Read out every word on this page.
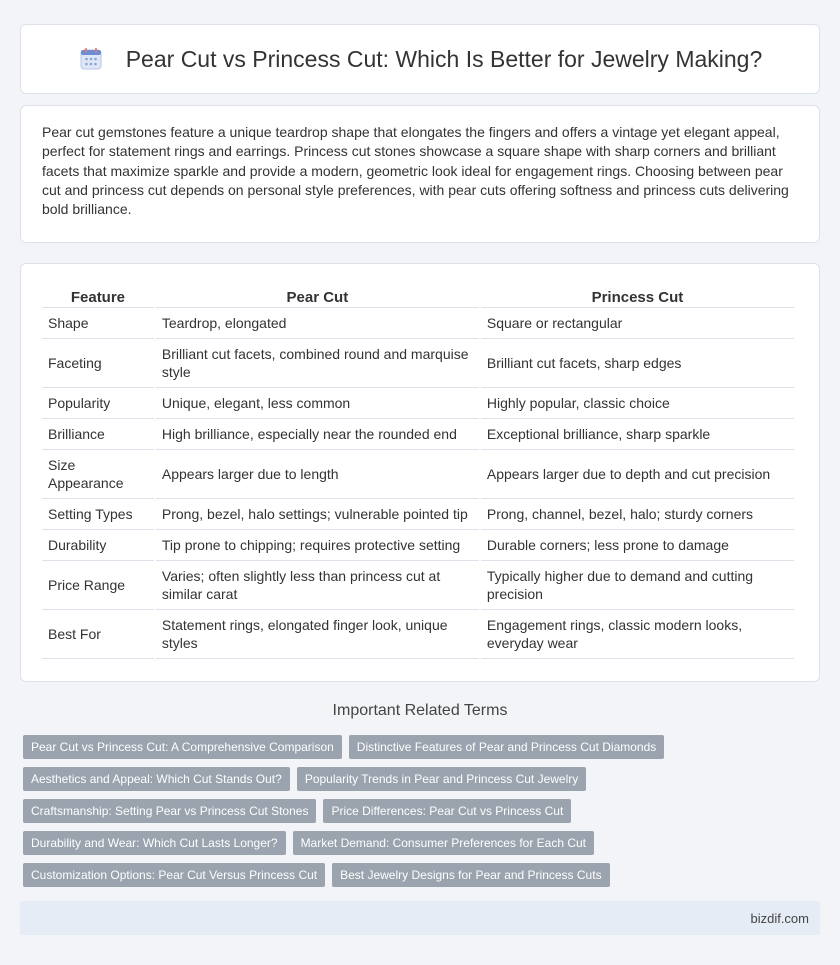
Pear Cut vs Princess Cut: Which Is Better for Jewelry Making?

Pear cut gemstones feature a unique teardrop shape that elongates the fingers and offers a vintage yet elegant appeal, perfect for statement rings and earrings. Princess cut stones showcase a square shape with sharp corners and brilliant facets that maximize sparkle and provide a modern, geometric look ideal for engagement rings. Choosing between pear cut and princess cut depends on personal style preferences, with pear cuts offering softness and princess cuts delivering bold brilliance.

Feature	Pear Cut	Princess Cut
Shape	Teardrop, elongated	Square or rectangular
Faceting	Brilliant cut facets, combined round and marquise style	Brilliant cut facets, sharp edges
Popularity	Unique, elegant, less common	Highly popular, classic choice
Brilliance	High brilliance, especially near the rounded end	Exceptional brilliance, sharp sparkle
Size Appearance	Appears larger due to length	Appears larger due to depth and cut precision
Setting Types	Prong, bezel, halo settings; vulnerable pointed tip	Prong, channel, bezel, halo; sturdy corners
Durability	Tip prone to chipping; requires protective setting	Durable corners; less prone to damage
Price Range	Varies; often slightly less than princess cut at similar carat	Typically higher due to demand and cutting precision
Best For	Statement rings, elongated finger look, unique styles	Engagement rings, classic modern looks, everyday wear
Important Related Terms
Pear Cut vs Princess Cut: A Comprehensive Comparison	Distinctive Features of Pear and Princess Cut Diamonds
Aesthetics and Appeal: Which Cut Stands Out?	Popularity Trends in Pear and Princess Cut Jewelry
Craftsmanship: Setting Pear vs Princess Cut Stones	Price Differences: Pear Cut vs Princess Cut
Durability and Wear: Which Cut Lasts Longer?	Market Demand: Consumer Preferences for Each Cut
Customization Options: Pear Cut Versus Princess Cut	Best Jewelry Designs for Pear and Princess Cuts
bizdif.com
